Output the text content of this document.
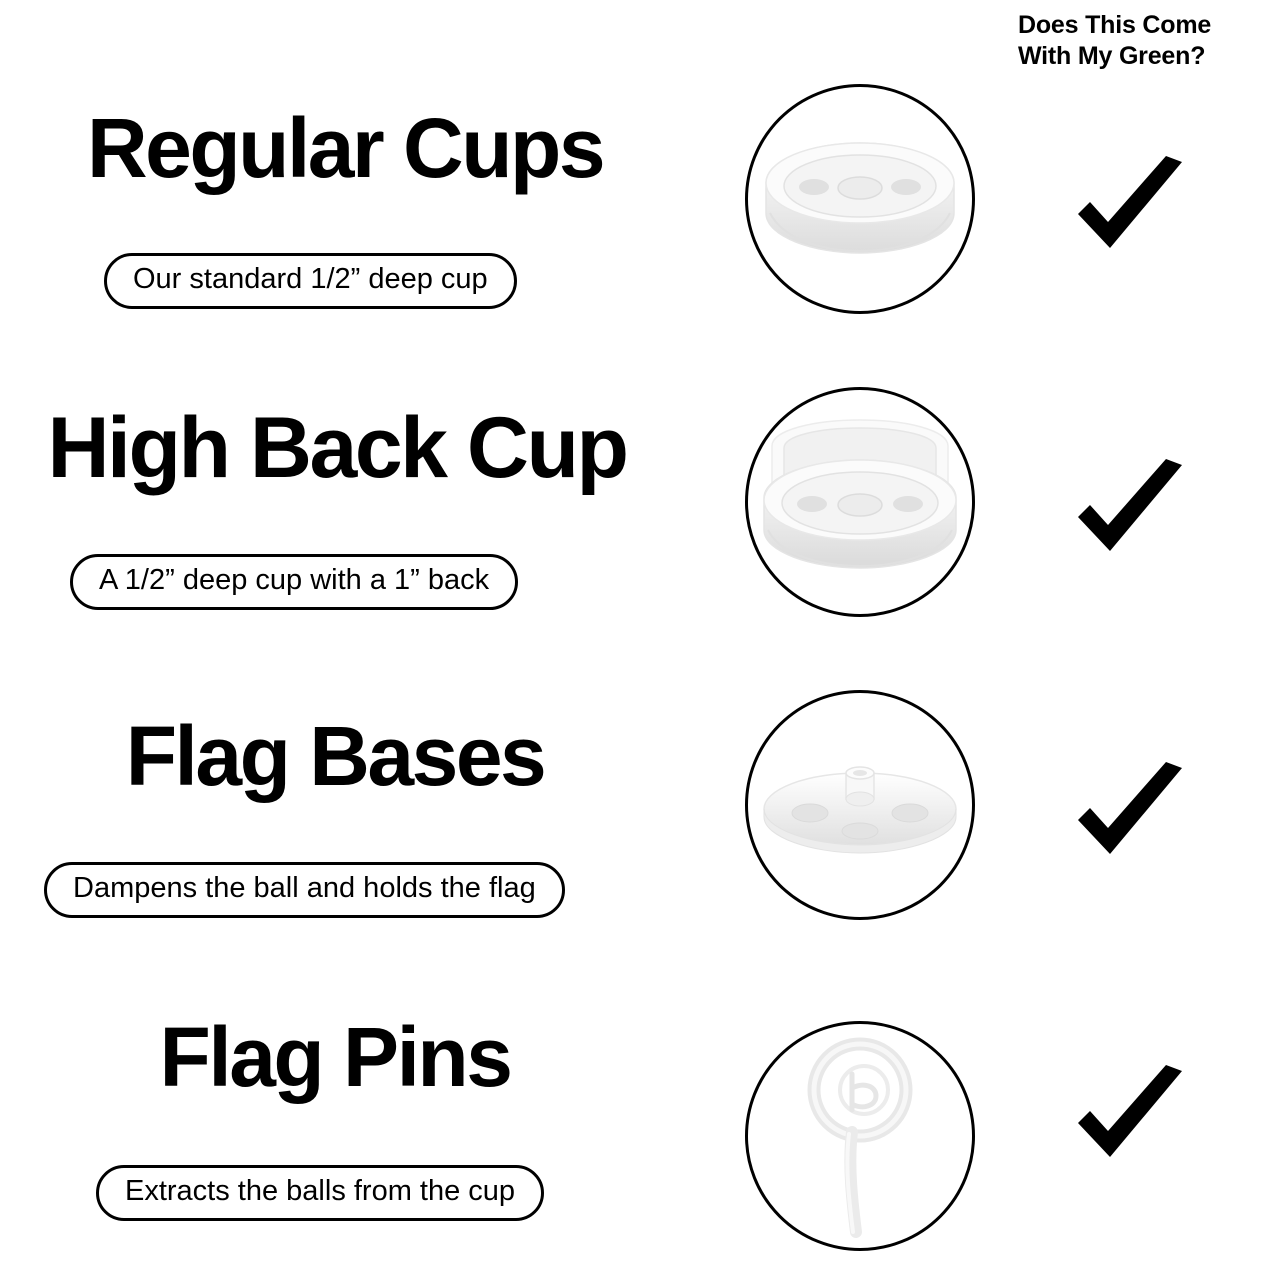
Does This Come
With My Green?
Regular Cups
Our standard 1/2” deep cup
High Back Cup
A 1/2” deep cup with a 1” back
Flag Bases
Dampens the ball and holds the flag
Flag Pins
Extracts the balls from the cup
